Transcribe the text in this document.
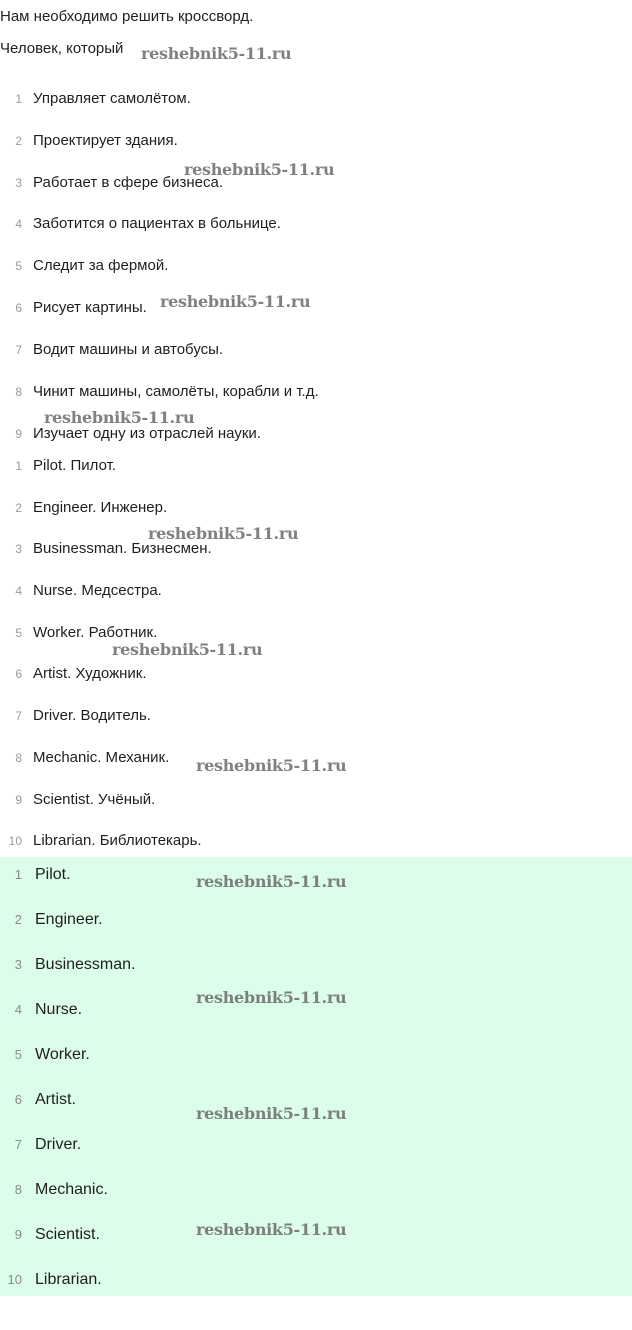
Нам необходимо решить кроссворд.
Человек, который
1 Управляет самолётом.
2 Проектирует здания.
3 Работает в сфере бизнеса.
4 Заботится о пациентах в больнице.
5 Следит за фермой.
6 Рисует картины.
7 Водит машины и автобусы.
8 Чинит машины, самолёты, корабли и т.д.
9 Изучает одну из отраслей науки.
1 Pilot. Пилот.
2 Engineer. Инженер.
3 Businessman. Бизнесмен.
4 Nurse. Медсестра.
5 Worker. Работник.
6 Artist. Художник.
7 Driver. Водитель.
8 Mechanic. Механик.
9 Scientist. Учёный.
10 Librarian. Библиотекарь.
1 Pilot.
2 Engineer.
3 Businessman.
4 Nurse.
5 Worker.
6 Artist.
7 Driver.
8 Mechanic.
9 Scientist.
10 Librarian.
reshebnik5-11.ru
reshebnik5-11.ru
reshebnik5-11.ru
reshebnik5-11.ru
reshebnik5-11.ru
reshebnik5-11.ru
reshebnik5-11.ru
reshebnik5-11.ru
reshebnik5-11.ru
reshebnik5-11.ru
reshebnik5-11.ru
